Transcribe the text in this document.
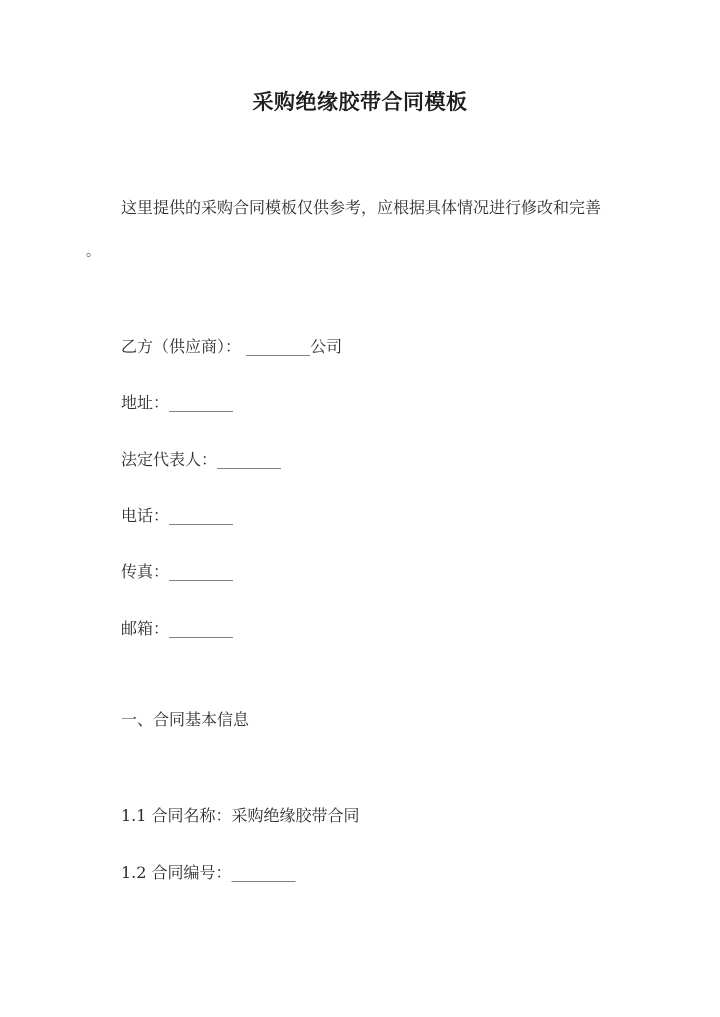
采购绝缘胶带合同模板

这里提供的采购合同模板仅供参考，应根据具体情况进行修改和完善

。

乙方（供应商）： ________公司

地址：________

法定代表人：________

电话：________

传真：________

邮箱：________

一、合同基本信息

1.1 合同名称：采购绝缘胶带合同

1.2 合同编号：________
